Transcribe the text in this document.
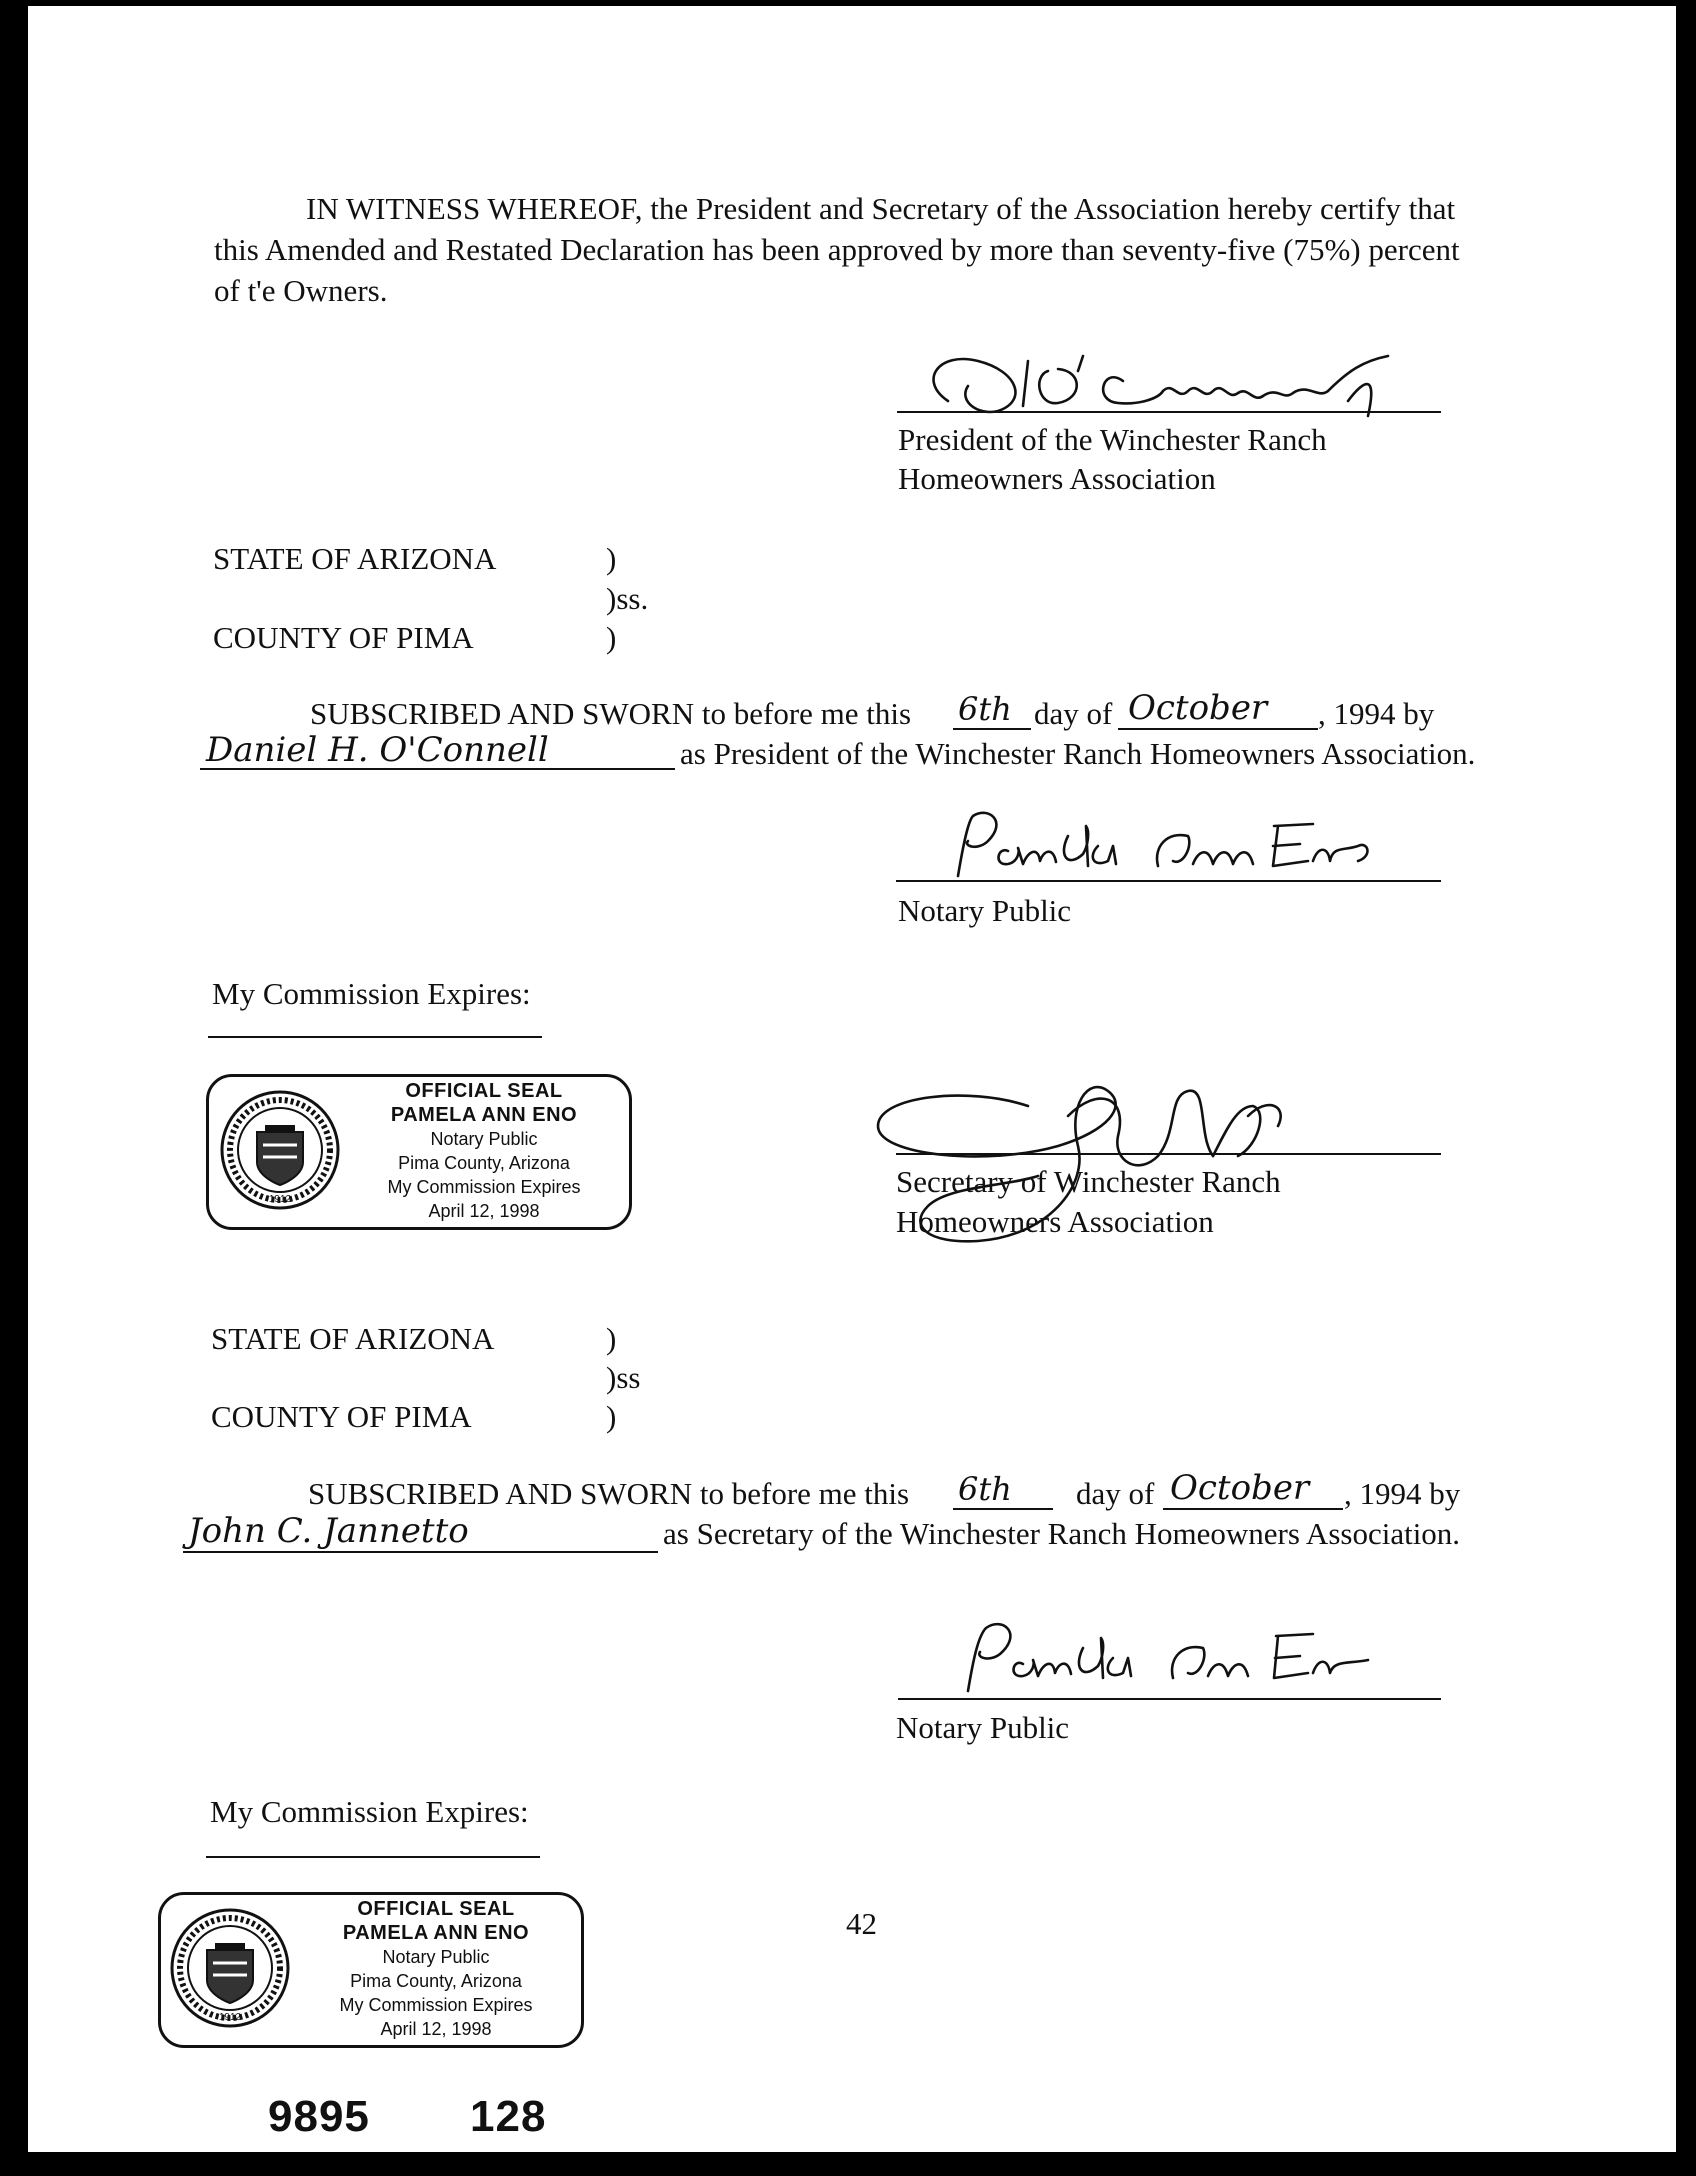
IN WITNESS WHEREOF, the President and Secretary of the Association hereby certify that
this Amended and Restated Declaration has been approved by more than seventy-five (75%) percent
of t'e Owners.
D.H. O'Connell
President of the Winchester Ranch
Homeowners Association
STATE OF ARIZONA	)
)ss.
COUNTY OF PIMA	)
SUBSCRIBED AND SWORN to before me this 6th day of October , 1994 by
Daniel H. O'Connell	as President of the Winchester Ranch Homeowners Association.
Pamela Ann Eno
Notary Public
My Commission Expires:
1912
OFFICIAL SEAL
PAMELA ANN ENO
Notary Public
Pima County, Arizona
My Commission Expires
April 12, 1998
Secretary of Winchester Ranch
Homeowners Association
STATE OF ARIZONA	)
)ss
COUNTY OF PIMA	)
SUBSCRIBED AND SWORN to before me this 6th day of October , 1994 by
John C. Jannetto	as Secretary of the Winchester Ranch Homeowners Association.
Pamela Ann Eno
Notary Public
My Commission Expires:
1912
OFFICIAL SEAL
PAMELA ANN ENO
Notary Public
Pima County, Arizona
My Commission Expires
April 12, 1998
42
9895 128
